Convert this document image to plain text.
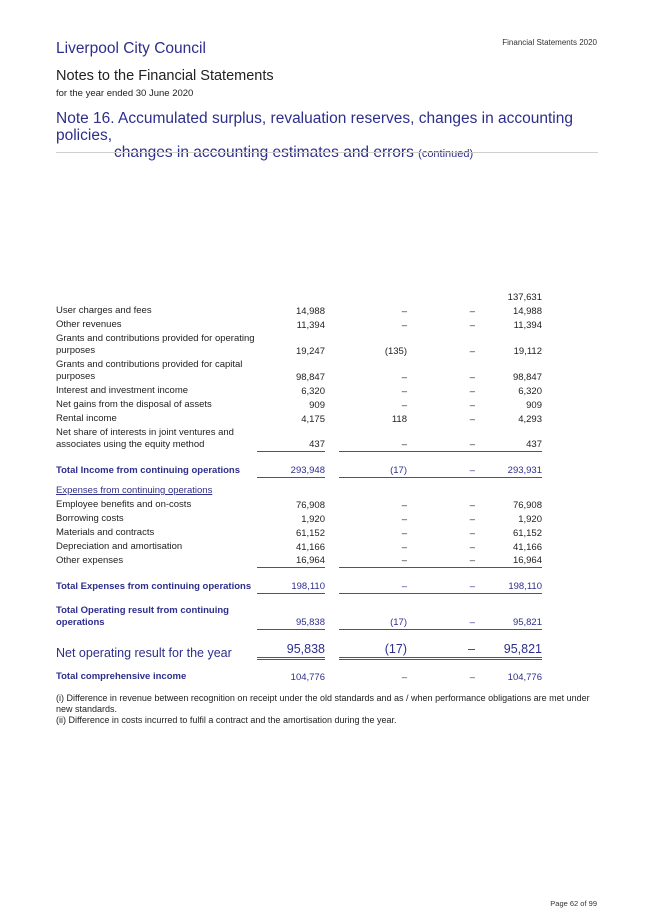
Liverpool City Council	Financial Statements 2020
Notes to the Financial Statements
for the year ended 30 June 2020
Note 16. Accumulated surplus, revaluation reserves, changes in accounting policies,
changes in accounting estimates and errors (continued)
137,631
User charges and fees	14,988	–	–	14,988
Other revenues	11,394	–	–	11,394
Grants and contributions provided for operating purposes	19,247	(135)	–	19,112
Grants and contributions provided for capital purposes	98,847	–	–	98,847
Interest and investment income	6,320	–	–	6,320
Net gains from the disposal of assets	909	–	–	909
Rental income	4,175	118	–	4,293
Net share of interests in joint ventures and associates using the equity method	437	–	–	437
Total Income from continuing operations	293,948	(17)	–	293,931
Expenses from continuing operations
Employee benefits and on-costs	76,908	–	–	76,908
Borrowing costs	1,920	–	–	1,920
Materials and contracts	61,152	–	–	61,152
Depreciation and amortisation	41,166	–	–	41,166
Other expenses	16,964	–	–	16,964
Total Expenses from continuing operations	198,110	–	–	198,110
Total Operating result from continuing operations	95,838	(17)	–	95,821
Net operating result for the year	95,838	(17)	–	95,821
Total comprehensive income	104,776	–	–	104,776
(i) Difference in revenue between recognition on receipt under the old standards and as / when performance obligations are met under new standards.
(ii) Difference in costs incurred to fulfil a contract and the amortisation during the year.
Page 62 of 99
